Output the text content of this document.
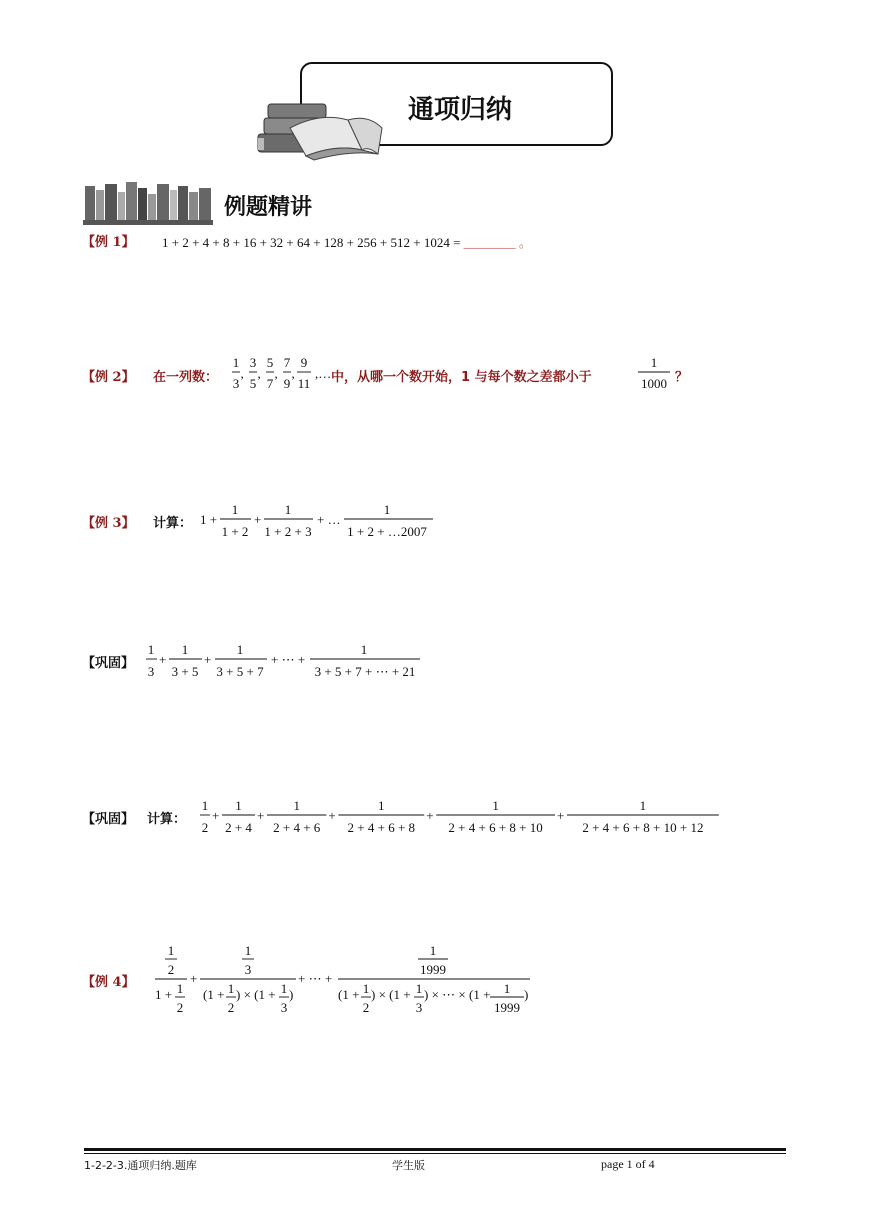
通项归纳
例题精讲
【例 1】 1 + 2 + 4 + 8 + 16 + 32 + 64 + 128 + 256 + 512 + 1024 = ________ 。
【例 2】 在一列数：
1
3
,
3
5
,
5
7
,
7
9
,
9
11
,… 中，从哪一个数开始，1 与每个数之差都小于
1
1000 ？
【例 3】 计算： 1 +
1
1 + 2
+
1
1 + 2 + 3
+ …
1
1 + 2 + …2007
【巩固】
1
3
+
1
3 + 5
+
1
3 + 5 + 7
+ ⋯ +
1
3 + 5 + 7 + ⋯ + 21
【巩固】 计算：
1
2
+
1
2 + 4
+
1
2 + 4 + 6
+
1
2 + 4 + 6 + 8
+
1
2 + 4 + 6 + 8 + 10
+
1
2 + 4 + 6 + 8 + 10 + 12
【例 4】
1
2
1 + 1
2
+
1
3
(1 + 1
2
) × (1 + 1
3
)
+ ⋯ +
1
1999
(1 + 1
2
) × (1 + 1
3
) × ⋯ × (1 + 1
1999
)
1-2-2-3.通项归纳.题库	学生版	page 1 of 4
